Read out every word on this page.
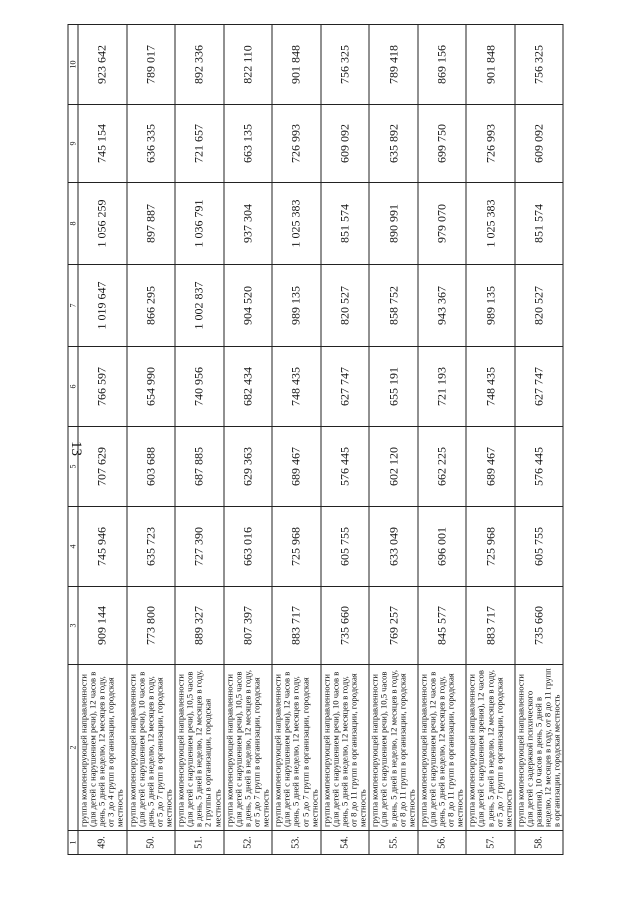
13
1	2	3	4	5	6	7	8	9	10
49.	группа компенсирующей направленности (для детей с нарушением речи), 12 часов в день, 5 дней в неделю, 12 месяцев в году, от 3 до 4 групп в организации, городская местность	909 144	745 946	707 629	766 597	1 019 647	1 056 259	745 154	923 642
50.	группа компенсирующей направленности (для детей с нарушением речи), 10 часов в день, 5 дней в неделю, 12 месяцев в году, от 5 до 7 групп в организации, городская местность	773 800	635 723	603 688	654 990	866 295	897 887	636 335	789 017
51.	группа компенсирующей направленности (для детей с нарушением речи), 10,5 часов в день, 5 дней в неделю, 12 месяцев в году, 2 группы в организации, городская местность	889 327	727 390	687 885	740 956	1 002 837	1 036 791	721 657	892 336
52.	группа компенсирующей направленности (для детей с нарушением речи), 10,5 часов в день, 5 дней в неделю, 12 месяцев в году, от 5 до 7 групп в организации, городская местность	807 397	663 016	629 363	682 434	904 520	937 304	663 135	822 110
53.	группа компенсирующей направленности (для детей с нарушением речи), 12 часов в день, 5 дней в неделю, 12 месяцев в году, от 5 до 7 групп в организации, городская местность	883 717	725 968	689 467	748 435	989 135	1 025 383	726 993	901 848
54.	группа компенсирующей направленности (для детей с нарушением речи), 10 часов в день, 5 дней в неделю, 12 месяцев в году, от 8 до 11 групп в организации, городская местность	735 660	605 755	576 445	627 747	820 527	851 574	609 092	756 325
55.	группа компенсирующей направленности (для детей с нарушением речи), 10,5 часов в день, 5 дней в неделю, 12 месяцев в году, от 8 до 11 групп в организации, городская местность	769 257	633 049	602 120	655 191	858 752	890 991	635 892	789 418
56.	группа компенсирующей направленности (для детей с нарушением речи), 12 часов в день, 5 дней в неделю, 12 месяцев в году, от 8 до 11 групп в организации, городская местность	845 577	696 001	662 225	721 193	943 367	979 070	699 750	869 156
57.	группа компенсирующей направленности (для детей с нарушением зрения), 12 часов в день, 5 дней в неделю, 12 месяцев в году, от 5 до 7 групп в организации, городская местность	883 717	725 968	689 467	748 435	989 135	1 025 383	726 993	901 848
58.	группа компенсирующей направленности (для детей с задержкой психического развития), 10 часов в день, 5 дней в неделю, 12 месяцев в году, от 8 до 11 групп в организации, городская местность	735 660	605 755	576 445	627 747	820 527	851 574	609 092	756 325
